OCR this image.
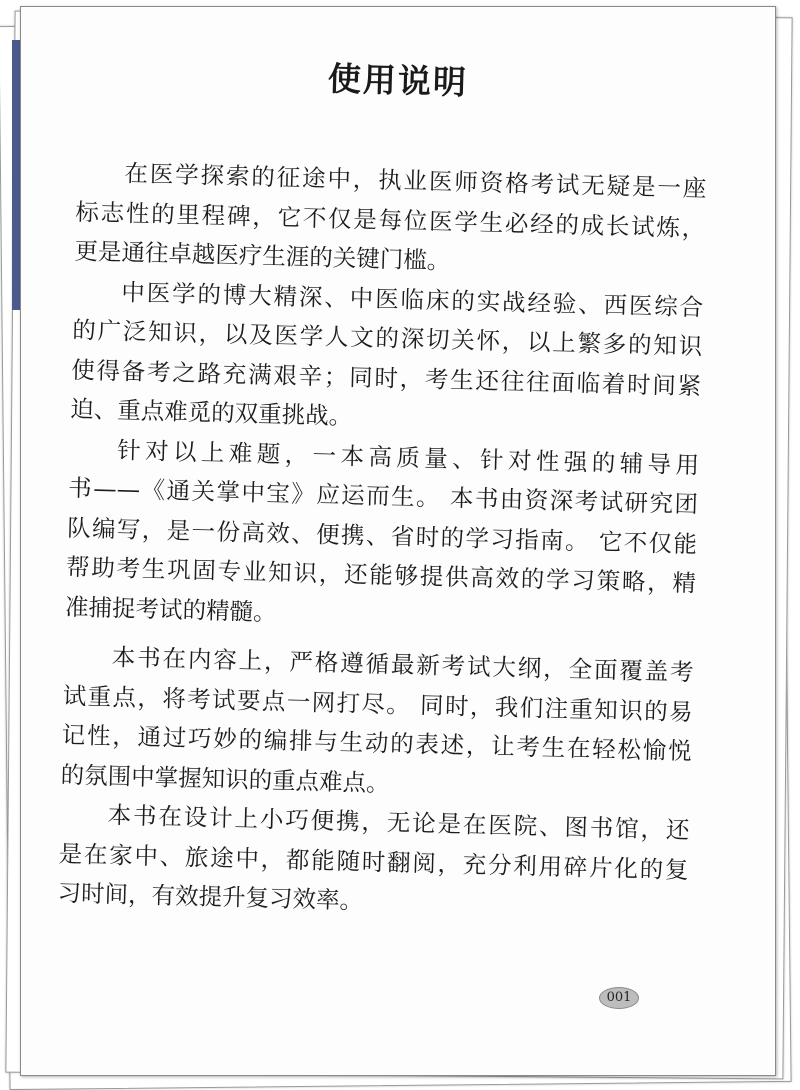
使用说明
在医学探索的征途中，执业医师资格考试无疑是一座
标志性的里程碑，它不仅是每位医学生必经的成长试炼，
更是通往卓越医疗生涯的关键门槛。
中医学的博大精深、中医临床的实战经验、西医综合
的广泛知识，以及医学人文的深切关怀，以上繁多的知识
使得备考之路充满艰辛；同时，考生还往往面临着时间紧
迫、重点难觅的双重挑战。
针对以上难题，一本高质量、针对性强的辅导用
书——《通关掌中宝》应运而生。 本书由资深考试研究团
队编写，是一份高效、便携、省时的学习指南。 它不仅能
帮助考生巩固专业知识，还能够提供高效的学习策略，精
准捕捉考试的精髓。
本书在内容上，严格遵循最新考试大纲，全面覆盖考
试重点，将考试要点一网打尽。 同时，我们注重知识的易
记性，通过巧妙的编排与生动的表述，让考生在轻松愉悦
的氛围中掌握知识的重点难点。
本书在设计上小巧便携，无论是在医院、图书馆，还
是在家中、旅途中，都能随时翻阅，充分利用碎片化的复
习时间，有效提升复习效率。
001
